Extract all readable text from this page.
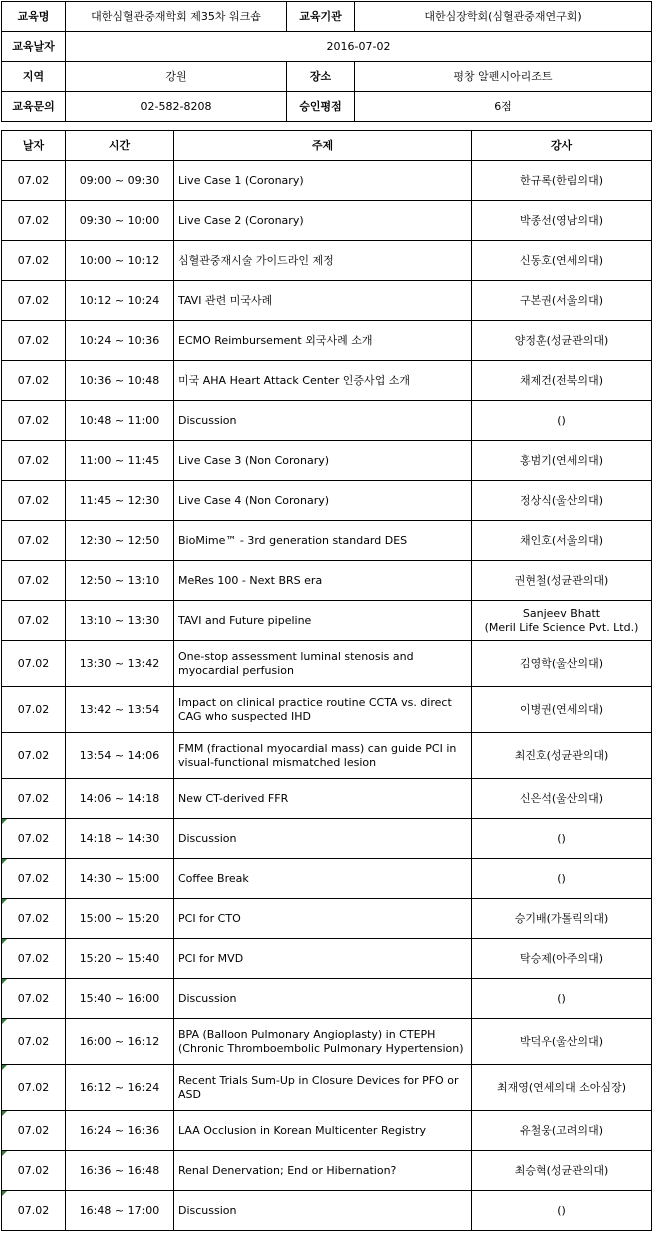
교육명	대한심혈관중재학회 제35차 워크숍	교육기관	대한심장학회(심혈관중재연구회)
교육날자	2016-07-02		
지역	강원	장소	평창 알펜시아리조트
교육문의	02-582-8208	승인평점	6점
날자	시간	주제	강사
07.02	09:00 ~ 09:30	Live Case 1 (Coronary)	한규록(한림의대)
07.02	09:30 ~ 10:00	Live Case 2 (Coronary)	박종선(영남의대)
07.02	10:00 ~ 10:12	심혈관중재시술 가이드라인 제정	신동호(연세의대)
07.02	10:12 ~ 10:24	TAVI 관련 미국사례	구본권(서울의대)
07.02	10:24 ~ 10:36	ECMO Reimbursement 외국사례 소개	양정훈(성균관의대)
07.02	10:36 ~ 10:48	미국 AHA Heart Attack Center 인증사업 소개	채제건(전북의대)
07.02	10:48 ~ 11:00	Discussion	()
07.02	11:00 ~ 11:45	Live Case 3 (Non Coronary)	홍범기(연세의대)
07.02	11:45 ~ 12:30	Live Case 4 (Non Coronary)	정상식(울산의대)
07.02	12:30 ~ 12:50	BioMime™ - 3rd generation standard DES	채인호(서울의대)
07.02	12:50 ~ 13:10	MeRes 100 - Next BRS era	권현철(성균관의대)
07.02	13:10 ~ 13:30	TAVI and Future pipeline	Sanjeev Bhatt
(Meril Life Science Pvt. Ltd.)
07.02	13:30 ~ 13:42	One-stop assessment luminal stenosis and myocardial perfusion	김영학(울산의대)
07.02	13:42 ~ 13:54	Impact on clinical practice routine CCTA vs. direct CAG who suspected IHD	이병권(연세의대)
07.02	13:54 ~ 14:06	FMM (fractional myocardial mass) can guide PCI in visual-functional mismatched lesion	최진호(성균관의대)
07.02	14:06 ~ 14:18	New CT-derived FFR	신은석(울산의대)

07.02	14:18 ~ 14:30	Discussion	()

07.02	14:30 ~ 15:00	Coffee Break	()

07.02	15:00 ~ 15:20	PCI for CTO	승기배(가톨릭의대)

07.02	15:20 ~ 15:40	PCI for MVD	탁승제(아주의대)

07.02	15:40 ~ 16:00	Discussion	()

07.02	16:00 ~ 16:12	BPA (Balloon Pulmonary Angioplasty) in CTEPH (Chronic Thromboembolic Pulmonary Hypertension)	박덕우(울산의대)

07.02	16:12 ~ 16:24	Recent Trials Sum-Up in Closure Devices for PFO or ASD	최재영(연세의대 소아심장)

07.02	16:24 ~ 16:36	LAA Occlusion in Korean Multicenter Registry	유철웅(고려의대)

07.02	16:36 ~ 16:48	Renal Denervation; End or Hibernation?	최승혁(성균관의대)

07.02	16:48 ~ 17:00	Discussion	()
